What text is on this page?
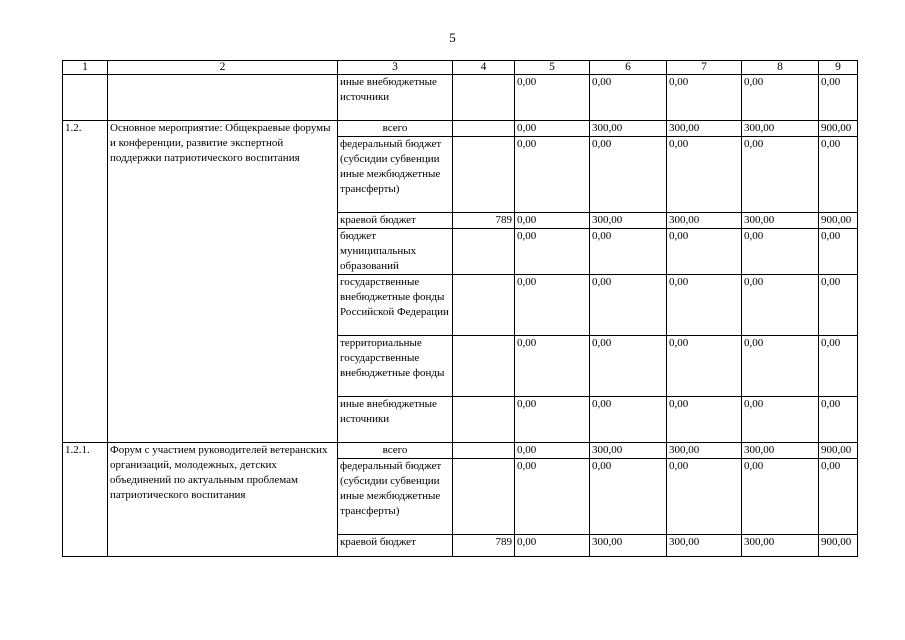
5
1	2	3	4	5	6	7	8	9
		иные внебюджетные источники		0,00	0,00	0,00	0,00	0,00
1.2.	Основное мероприятие: Общекраевые форумы и конференции, развитие экспертной поддержки патриотического воспитания	всего		0,00	300,00	300,00	300,00	900,00
		федеральный бюджет (субсидии субвенции иные межбюджетные трансферты)		0,00	0,00	0,00	0,00	0,00
		краевой бюджет	789	0,00	300,00	300,00	300,00	900,00
		бюджет муниципальных образований		0,00	0,00	0,00	0,00	0,00
		государственные внебюджетные фонды Российской Федерации		0,00	0,00	0,00	0,00	0,00
		территориальные государственные внебюджетные фонды		0,00	0,00	0,00	0,00	0,00
		иные внебюджетные источники		0,00	0,00	0,00	0,00	0,00
1.2.1.	Форум с участием руководителей ветеранских организаций, молодежных, детских объединений по актуальным проблемам патриотического воспитания	всего		0,00	300,00	300,00	300,00	900,00
		федеральный бюджет (субсидии субвенции иные межбюджетные трансферты)		0,00	0,00	0,00	0,00	0,00
		краевой бюджет	789	0,00	300,00	300,00	300,00	900,00
